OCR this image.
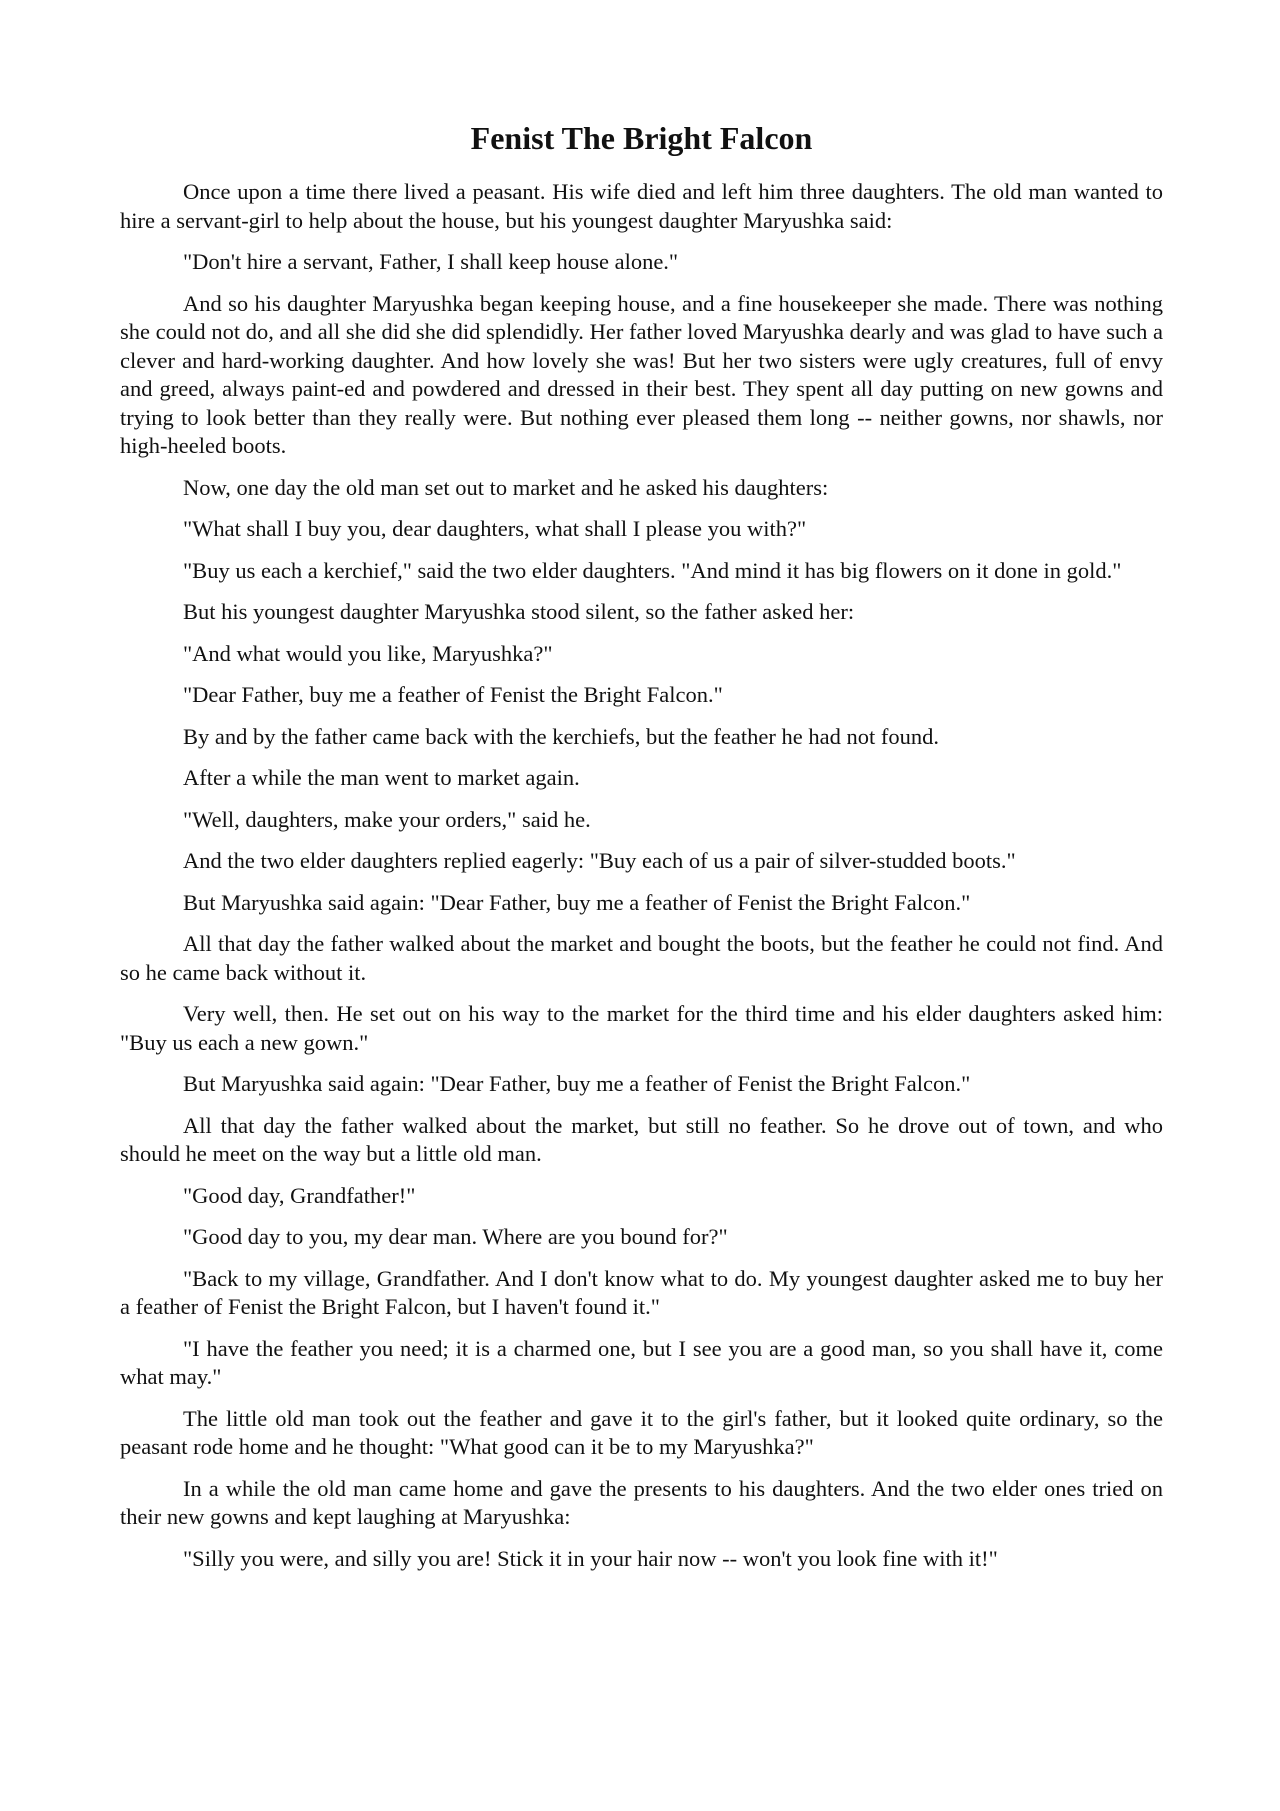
Fenist The Bright Falcon

Once upon a time there lived a peasant. His wife died and left him three daughters. The old man wanted to hire a servant-girl to help about the house, but his youngest daughter Maryushka said:

"Don't hire a servant, Father, I shall keep house alone."

And so his daughter Maryushka began keeping house, and a fine housekeeper she made. There was nothing she could not do, and all she did she did splendidly. Her father loved Maryushka dearly and was glad to have such a clever and hard-working daughter. And how lovely she was! But her two sisters were ugly creatures, full of envy and greed, always paint-ed and powdered and dressed in their best. They spent all day putting on new gowns and trying to look better than they really were. But nothing ever pleased them long -- neither gowns, nor shawls, nor high-heeled boots.

Now, one day the old man set out to market and he asked his daughters:

"What shall I buy you, dear daughters, what shall I please you with?"

"Buy us each a kerchief," said the two elder daughters. "And mind it has big flowers on it done in gold."

But his youngest daughter Maryushka stood silent, so the father asked her:

"And what would you like, Maryushka?"

"Dear Father, buy me a feather of Fenist the Bright Falcon."

By and by the father came back with the kerchiefs, but the feather he had not found.

After a while the man went to market again.

"Well, daughters, make your orders," said he.

And the two elder daughters replied eagerly: "Buy each of us a pair of silver-studded boots."

But Maryushka said again: "Dear Father, buy me a feather of Fenist the Bright Falcon."

All that day the father walked about the market and bought the boots, but the feather he could not find. And so he came back without it.

Very well, then. He set out on his way to the market for the third time and his elder daughters asked him: "Buy us each a new gown."

But Maryushka said again: "Dear Father, buy me a feather of Fenist the Bright Falcon."

All that day the father walked about the market, but still no feather. So he drove out of town, and who should he meet on the way but a little old man.

"Good day, Grandfather!"

"Good day to you, my dear man. Where are you bound for?"

"Back to my village, Grandfather. And I don't know what to do. My youngest daughter asked me to buy her a feather of Fenist the Bright Falcon, but I haven't found it."

"I have the feather you need; it is a charmed one, but I see you are a good man, so you shall have it, come what may."

The little old man took out the feather and gave it to the girl's father, but it looked quite ordinary, so the peasant rode home and he thought: "What good can it be to my Maryushka?"

In a while the old man came home and gave the presents to his daughters. And the two elder ones tried on their new gowns and kept laughing at Maryushka:

"Silly you were, and silly you are! Stick it in your hair now -- won't you look fine with it!"
